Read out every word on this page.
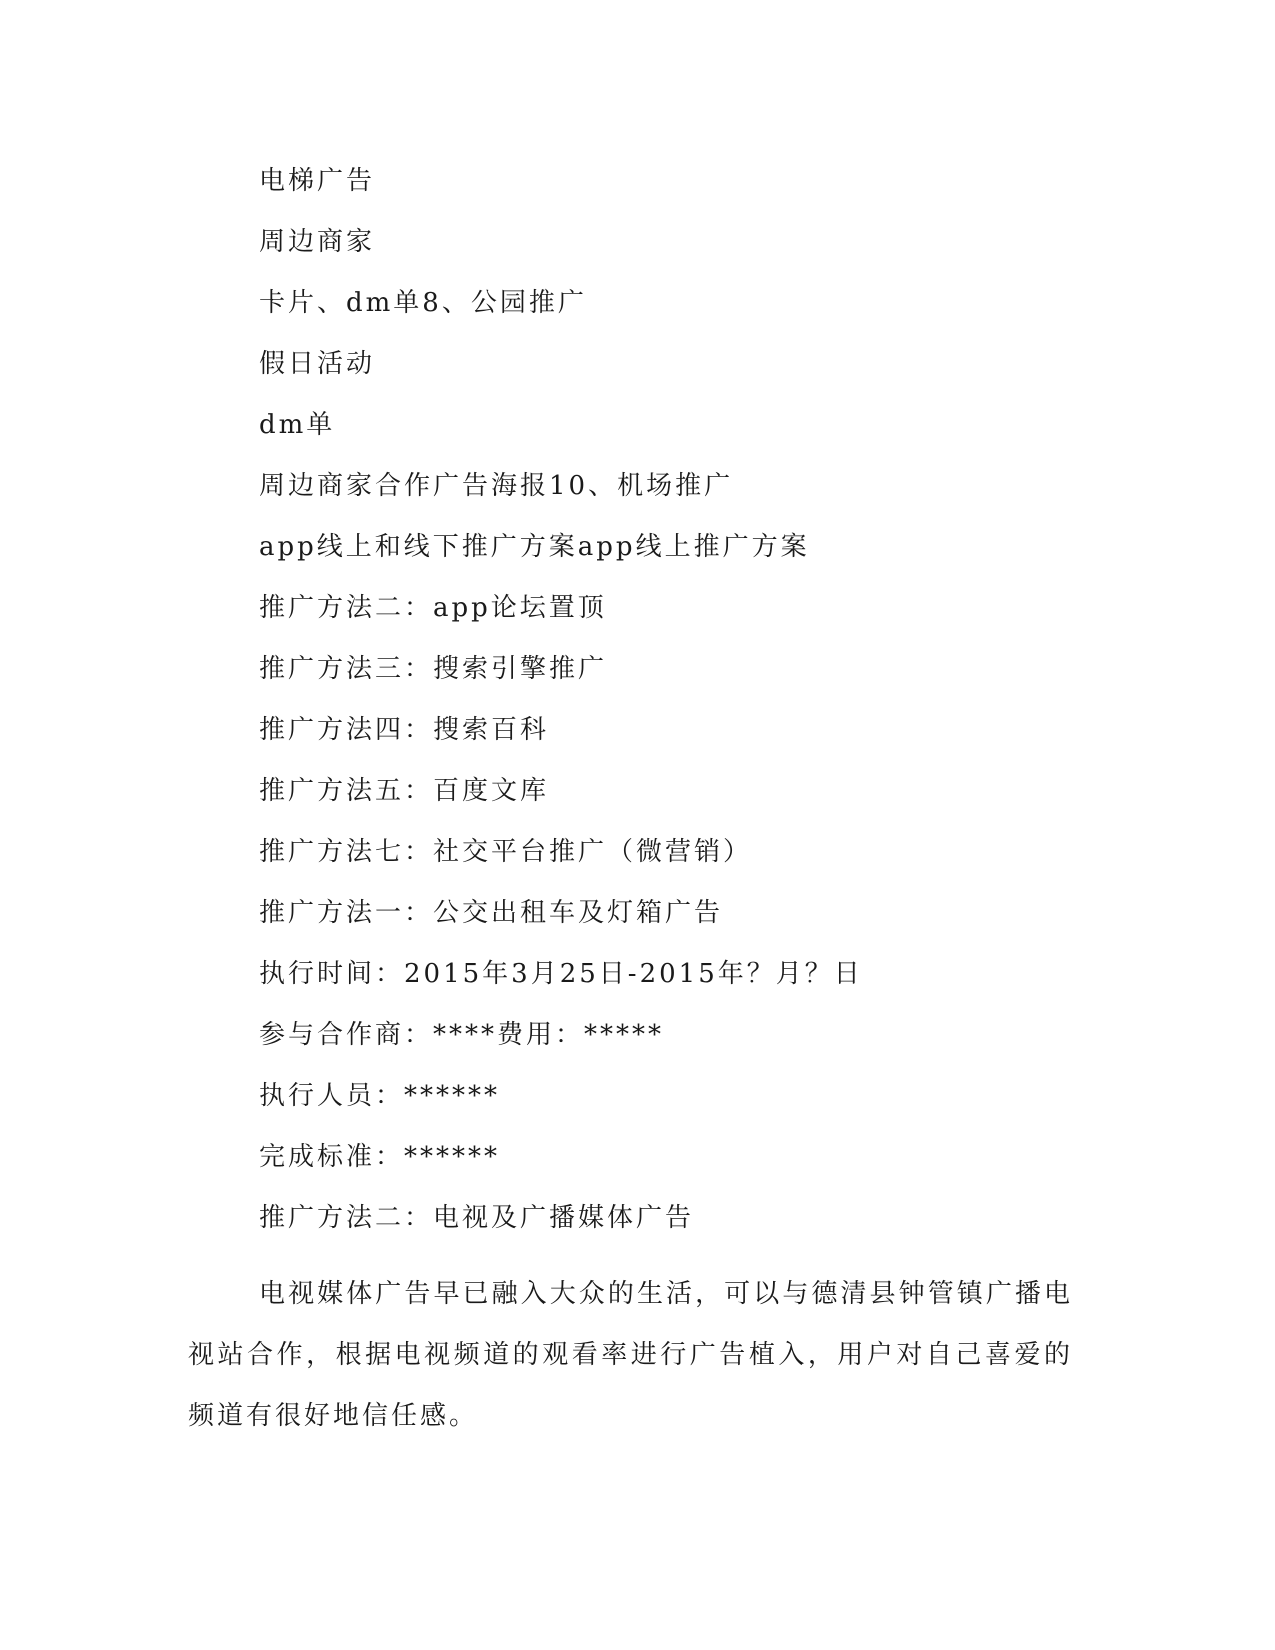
电梯广告
周边商家
卡片、dm单8、公园推广
假日活动
dm单
周边商家合作广告海报10、机场推广
app线上和线下推广方案app线上推广方案
推广方法二：app论坛置顶
推广方法三：搜索引擎推广
推广方法四：搜索百科
推广方法五：百度文库
推广方法七：社交平台推广（微营销）
推广方法一：公交出租车及灯箱广告
执行时间：2015年3月25日-2015年？月？日
参与合作商：****费用：*****
执行人员：******
完成标准：******
推广方法二：电视及广播媒体广告

电视媒体广告早已融入大众的生活，可以与德清县钟管镇广播电视站合作，根据电视频道的观看率进行广告植入，用户对自己喜爱的频道有很好地信任感。
